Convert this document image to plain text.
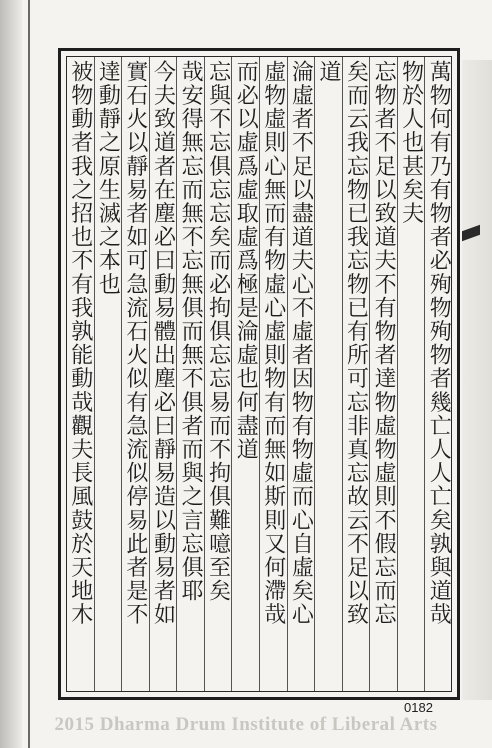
萬物何有乃有物者必殉物殉物者幾亡人人亡矣孰與道哉
物於人也甚矣夫
忘物者不足以致道夫不有物者達物虛物虛則不假忘而忘
矣而云我忘物已我忘物已有所可忘非真忘故云不足以致
道
淪虛者不足以盡道夫心不虛者因物有物虛而心自虛矣心
虛物虛則心無而有物虛心虛則物有而無如斯則又何滯哉
而必以虛爲虛取虛爲極是淪虛也何盡道
忘與不忘俱忘忘矣而必拘俱忘忘易而不拘俱難噫至矣
哉安得無忘而無不忘無俱而無不俱者而與之言忘俱耶
今夫致道者在塵必曰動易體出塵必曰靜易造以動易者如
實石火以靜易者如可急流石火似有急流似停易此者是不
達動靜之原生滅之本也
被物動者我之招也不有我孰能動哉觀夫長風鼓於天地木
0182
2015 Dharma Drum Institute of Liberal Arts
